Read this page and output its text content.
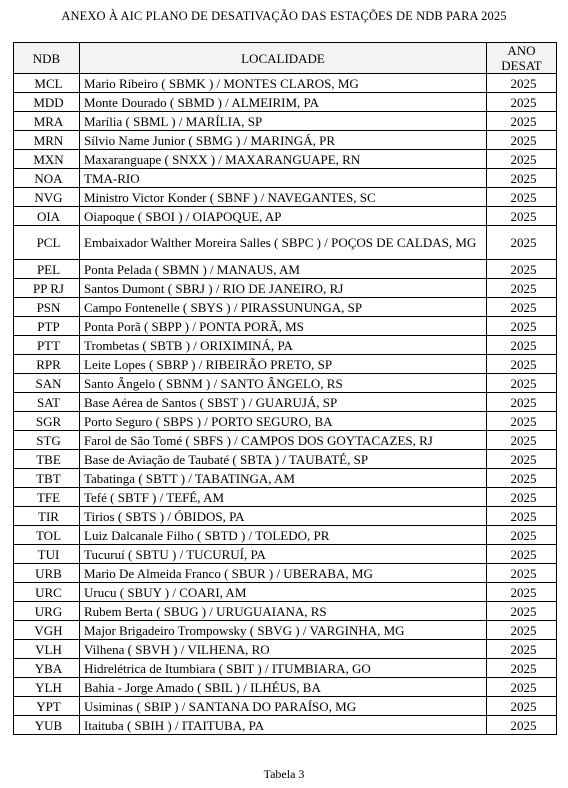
ANEXO À AIC PLANO DE DESATIVAÇÃO DAS ESTAÇÕES DE NDB PARA 2025
NDB	LOCALIDADE	ANO
DESAT
MCL	Mario Ribeiro ( SBMK ) / MONTES CLAROS, MG	2025
MDD	Monte Dourado ( SBMD ) / ALMEIRIM, PA	2025
MRA	Marília ( SBML ) / MARÍLIA, SP	2025
MRN	Sílvio Name Junior ( SBMG ) / MARINGÁ, PR	2025
MXN	Maxaranguape ( SNXX ) / MAXARANGUAPE, RN	2025
NOA	TMA-RIO	2025
NVG	Ministro Victor Konder ( SBNF ) / NAVEGANTES, SC	2025
OIA	Oiapoque ( SBOI ) / OIAPOQUE, AP	2025
PCL	Embaixador Walther Moreira Salles ( SBPC ) / POÇOS DE CALDAS, MG	2025
PEL	Ponta Pelada ( SBMN ) / MANAUS, AM	2025
PP RJ	Santos Dumont ( SBRJ ) / RIO DE JANEIRO, RJ	2025
PSN	Campo Fontenelle ( SBYS ) / PIRASSUNUNGA, SP	2025
PTP	Ponta Porã ( SBPP ) / PONTA PORÃ, MS	2025
PTT	Trombetas ( SBTB ) / ORIXIMINÁ, PA	2025
RPR	Leite Lopes ( SBRP ) / RIBEIRÃO PRETO, SP	2025
SAN	Santo Ângelo ( SBNM ) / SANTO ÂNGELO, RS	2025
SAT	Base Aérea de Santos ( SBST ) / GUARUJÁ, SP	2025
SGR	Porto Seguro ( SBPS ) / PORTO SEGURO, BA	2025
STG	Farol de São Tomé ( SBFS ) / CAMPOS DOS GOYTACAZES, RJ	2025
TBE	Base de Aviação de Taubaté ( SBTA ) / TAUBATÉ, SP	2025
TBT	Tabatinga ( SBTT ) / TABATINGA, AM	2025
TFE	Tefé ( SBTF ) / TEFÉ, AM	2025
TIR	Tirios ( SBTS ) / ÓBIDOS, PA	2025
TOL	Luiz Dalcanale Filho ( SBTD ) / TOLEDO, PR	2025
TUI	Tucuruí ( SBTU ) / TUCURUÍ, PA	2025
URB	Mario De Almeida Franco ( SBUR ) / UBERABA, MG	2025
URC	Urucu ( SBUY ) / COARI, AM	2025
URG	Rubem Berta ( SBUG ) / URUGUAIANA, RS	2025
VGH	Major Brigadeiro Trompowsky ( SBVG ) / VARGINHA, MG	2025
VLH	Vilhena ( SBVH ) / VILHENA, RO	2025
YBA	Hidrelétrica de Itumbiara ( SBIT ) / ITUMBIARA, GO	2025
YLH	Bahia - Jorge Amado ( SBIL ) / ILHÉUS, BA	2025
YPT	Usiminas ( SBIP ) / SANTANA DO PARAÍSO, MG	2025
YUB	Itaituba ( SBIH ) / ITAITUBA, PA	2025
Tabela 3
